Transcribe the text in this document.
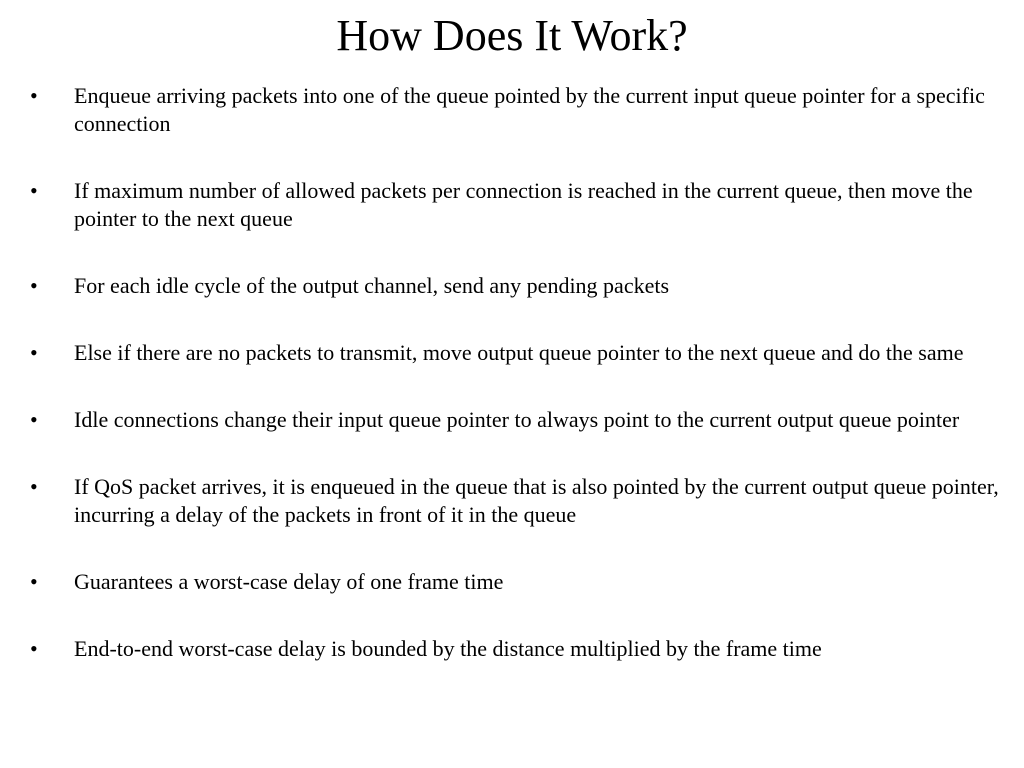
How Does It Work?
•	Enqueue arriving packets into one of the queue pointed by the current input queue pointer for a specific connection
•	If maximum number of allowed packets per connection is reached in the current queue, then move the pointer to the next queue
•	For each idle cycle of the output channel, send any pending packets
•	Else if there are no packets to transmit, move output queue pointer to the next queue and do the same
•	Idle connections change their input queue pointer to always point to the current output queue pointer
•	If QoS packet arrives, it is enqueued in the queue that is also pointed by the current output queue pointer, incurring a delay of the packets in front of it in the queue
•	Guarantees a worst-case delay of one frame time
•	End-to-end worst-case delay is bounded by the distance multiplied by the frame time
